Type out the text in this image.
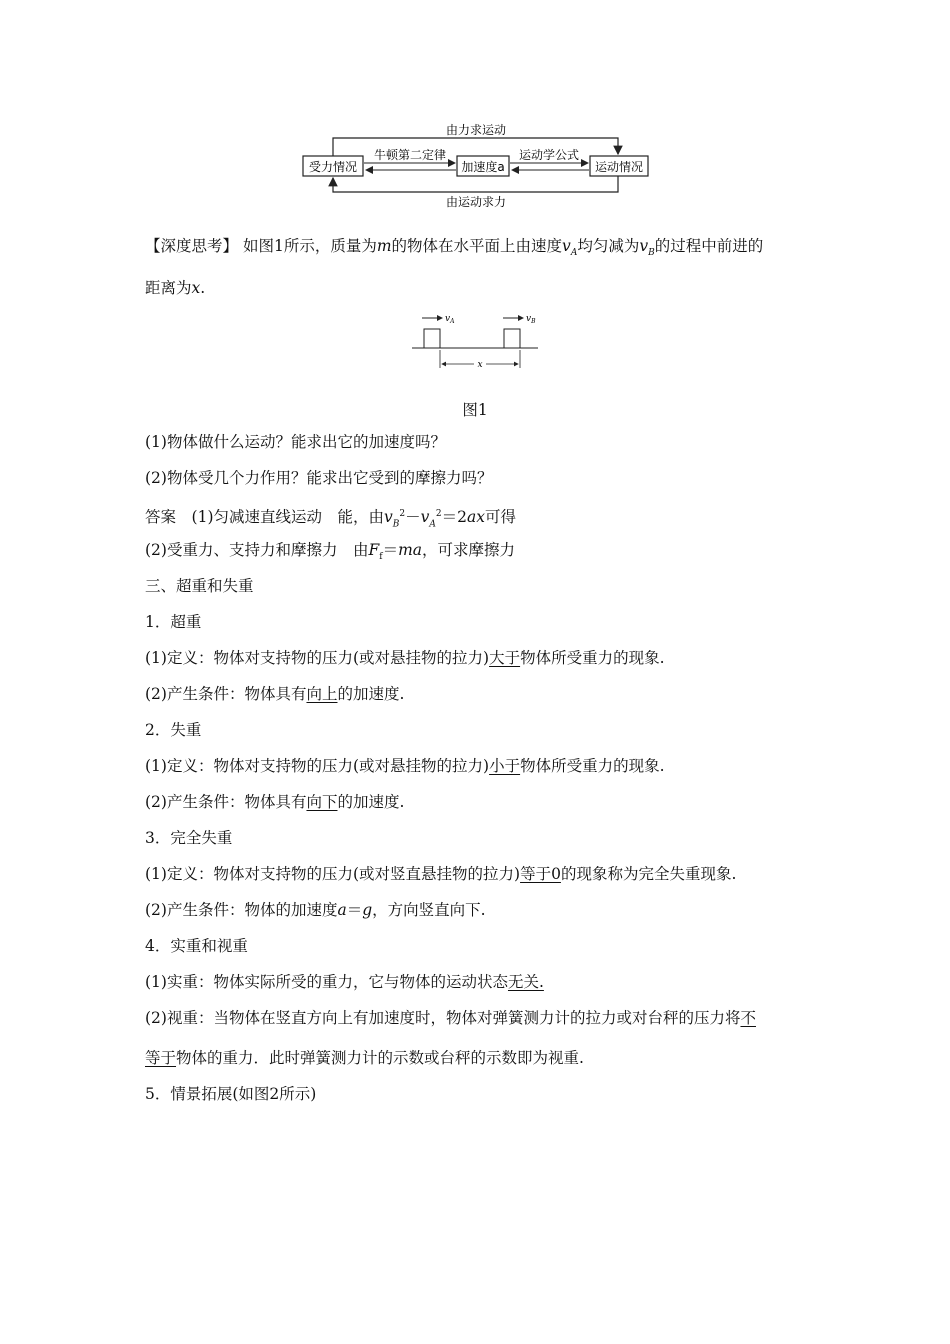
由力求运动
由运动求力
受力情况	加速度a	运动情况
牛顿第二定律	运动学公式
【深度思考】 如图1所示，质量为m的物体在水平面上由速度$v_A$均匀减为$v_B$的过程中前进的
距离为x.
$v_A$	$v_B$
x
图1
(1)物体做什么运动？能求出它的加速度吗？
(2)物体受几个力作用？能求出它受到的摩擦力吗？
答案　 (1)匀减速直线运动　能，由$v_B^2-v_A^2=2ax$可得
(2)受重力、支持力和摩擦力　由$F_f=ma$，可求摩擦力
三、超重和失重
1．超重
(1)定义：物体对支持物的压力(或对悬挂物的拉力)大于物体所受重力的现象.
(2)产生条件：物体具有向上的加速度.
2．失重
(1)定义：物体对支持物的压力(或对悬挂物的拉力)小于物体所受重力的现象.
(2)产生条件：物体具有向下的加速度.
3．完全失重
(1)定义：物体对支持物的压力(或对竖直悬挂物的拉力)等于0的现象称为完全失重现象.
(2)产生条件：物体的加速度a＝g，方向竖直向下.
4．实重和视重
(1)实重：物体实际所受的重力，它与物体的运动状态无关.
(2)视重：当物体在竖直方向上有加速度时，物体对弹簧测力计的拉力或对台秤的压力将不
等于物体的重力．此时弹簧测力计的示数或台秤的示数即为视重.
5．情景拓展(如图2所示)
